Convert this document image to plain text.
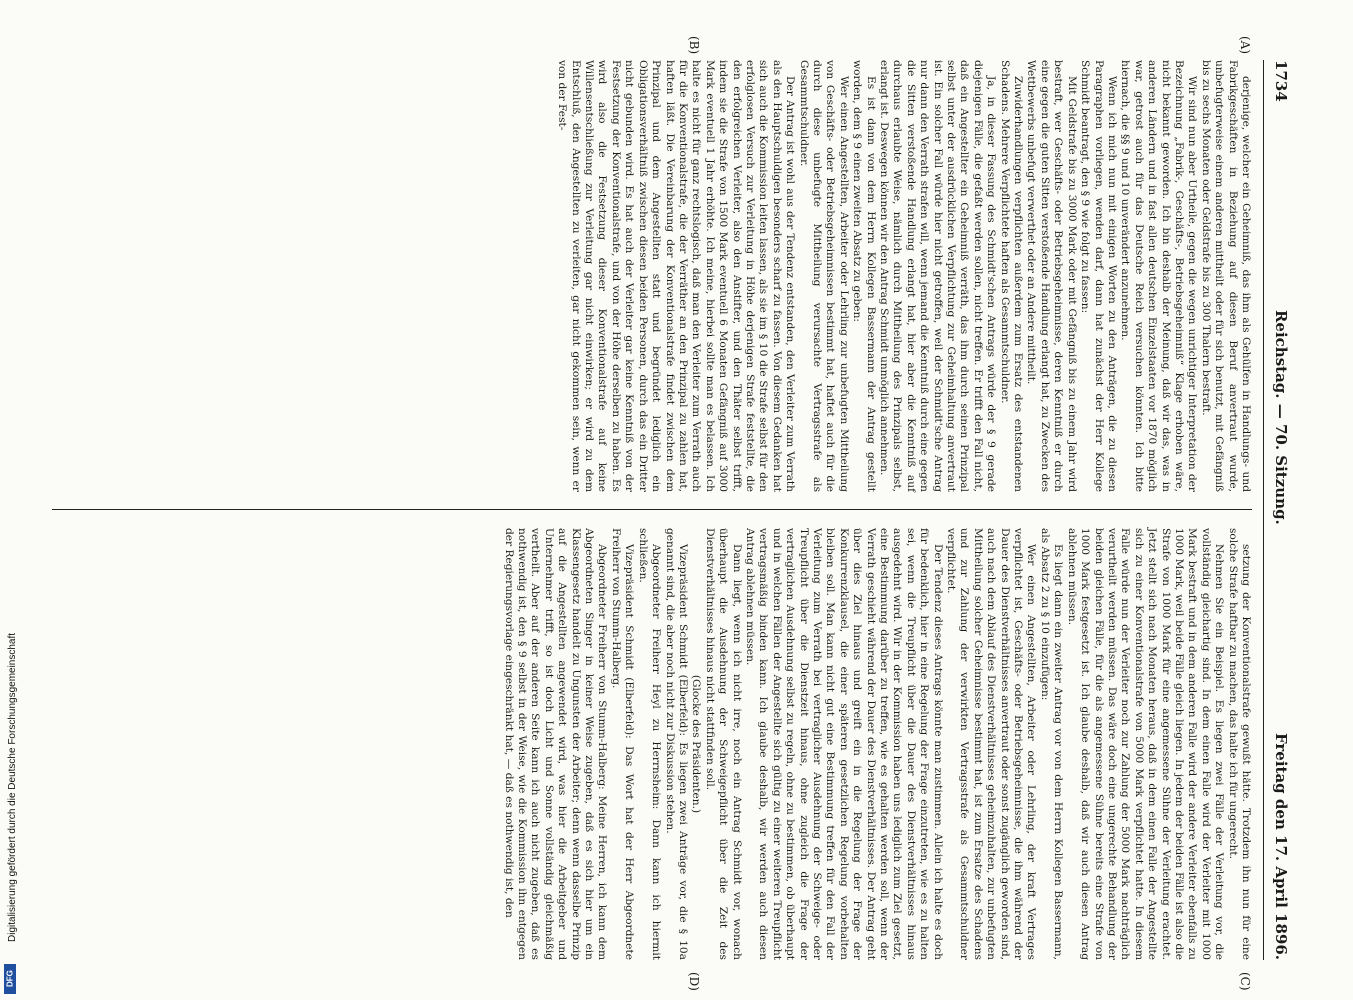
1734
Reichstag. — 70. Sitzung.
Freitag den 17. April 1896.
(A)
(B)
(C)
(D)

derjenige, welcher ein Geheimniß, das ihm als Gehülfen in Handlungs- und Fabrikgeschäften in Beziehung auf diesen Beruf anvertraut wurde, unbefugterweise einem anderen mittheilt oder für sich benutzt, mit Gefängniß bis zu sechs Monaten oder Geldstrafe bis zu 300 Thalern bestraft.

Wir sind nun aber Urtheile, gegen die wegen unrichtiger Interpretation der Bezeichnung „Fabrik-, Geschäfts-, Betriebsgeheimniß“ Klage erhoben wäre, nicht bekannt geworden. Ich bin deshalb der Meinung, daß wir das, was in anderen Ländern und in fast allen deutschen Einzelstaaten vor 1870 möglich war, getrost auch für das Deutsche Reich versuchen könnten. Ich bitte hiernach, die §§ 9 und 10 unverändert anzunehmen.

Wenn ich mich nun mit einigen Worten zu den Anträgen, die zu diesen Paragraphen vorliegen, wenden darf, dann hat zunächst der Herr Kollege Schmidt beantragt, den § 9 wie folgt zu fassen:

Mit Geldstrafe bis zu 3000 Mark oder mit Gefängniß bis zu einem Jahr wird bestraft, wer Geschäfts- oder Betriebsgeheimnisse, deren Kenntniß er durch eine gegen die guten Sitten verstoßende Handlung erlangt hat, zu Zwecken des Wettbewerbs unbefugt verwerthet oder an Andere mittheilt.

Zuwiderhandlungen verpflichten außerdem zum Ersatz des entstandenen Schadens. Mehrere Verpflichtete haften als Gesammtschuldner.

Ja, in dieser Fassung des Schmidt'schen Antrags würde der § 9 gerade diejenigen Fälle, die gefaßt werden sollen, nicht treffen. Er trifft den Fall nicht, daß ein Angestellter ein Geheimniß verräth, das ihm durch seinen Prinzipal selbst unter der ausdrücklichen Verpflichtung zur Geheimhaltung anvertraut ist. Ein solcher Fall würde hier nicht getroffen, weil der Schmidt'sche Antrag nur dann den Verrath strafen will, wenn jemand die Kenntniß durch eine gegen die Sitten verstoßende Handlung erlangt hat, hier aber die Kenntniß auf durchaus erlaubte Weise, nämlich durch Mittheilung des Prinzipals selbst, erlangt ist. Deswegen können wir den Antrag Schmidt unmöglich annehmen.

Es ist dann von dem Herrn Kollegen Bassermann der Antrag gestellt worden, dem § 9 einen zweiten Absatz zu geben:

Wer einen Angestellten, Arbeiter oder Lehrling zur unbefugten Mittheilung von Geschäfts- oder Betriebsgeheimnissen bestimmt hat, haftet auch für die durch diese unbefugte Mittheilung verursachte Vertragsstrafe als Gesammtschuldner.

Der Antrag ist wohl aus der Tendenz entstanden, den Verleiter zum Verrath als den Hauptschuldigen besonders scharf zu fassen. Von diesem Gedanken hat sich auch die Kommission leiten lassen, als sie im § 10 die Strafe selbst für den erfolglosen Versuch zur Verleitung in Höhe derjenigen Strafe feststellte, die den erfolgreichen Verleiter, also den Anstifter, und den Thäter selbst trifft, indem sie die Strafe von 1500 Mark eventuell 6 Monaten Gefängniß auf 3000 Mark eventuell 1 Jahr erhöhte. Ich meine, hierbei sollte man es belassen. Ich halte es nicht für ganz rechtslogisch, daß man den Verleiter zum Verrath auch für die Konventionalstrafe, die der Verräther an den Prinzipal zu zahlen hat, haften läßt. Die Vereinbarung der Konventionalstrafe findet zwischen dem Prinzipal und dem Angestellten statt und begründet lediglich ein Obligationsverhältniß zwischen diesen beiden Personen, durch das ein Dritter nicht gebunden wird. Es hat auch der Verleiter gar keine Kenntniß von der Festsetzung der Konventionalstrafe, und von der Höhe derselben zu haben. Es wird also die Festsetzung dieser Konventionalstrafe auf keine Willensentschließung zur Verleitung gar nicht einwirken; er wird zu dem Entschluß, den Angestellten zu verleiten, gar nicht gekommen sein, wenn er von der Fest-

setzung der Konventionalstrafe gewußt hätte. Trotzdem ihn nun für eine solche Strafe haftbar zu machen, das halte ich für ungerecht.

Nehmen Sie ein Beispiel. Es liegen zwei Fälle der Verleitung vor, die vollständig gleichartig sind. In dem einen Falle wird der Verleiter mit 1000 Mark bestraft und in dem anderen Falle wird der andere Verleiter ebenfalls zu 1000 Mark, weil beide Fälle gleich liegen. In jedem der beiden Fälle ist also die Strafe von 1000 Mark für eine angemessene Sühne der Verleitung erachtet. Jetzt stellt sich nach Monaten heraus, daß in dem einen Falle der Angestellte sich zu einer Konventionalstrafe von 5000 Mark verpflichtet hatte. In diesem Falle würde nun der Verleiter noch zur Zahlung der 5000 Mark nachträglich verurtheilt werden müssen. Das wäre doch eine ungerechte Behandlung der beiden gleichen Fälle, für die als angemessene Sühne bereits eine Strafe von 1000 Mark festgesetzt ist. Ich glaube deshalb, daß wir auch diesen Antrag ablehnen müssen.

Es liegt dann ein zweiter Antrag vor von dem Herrn Kollegen Bassermann, als Absatz 2 zu § 10 einzufügen:

Wer einen Angestellten, Arbeiter oder Lehrling, der kraft Vertrages verpflichtet ist, Geschäfts- oder Betriebsgeheimnisse, die ihm während der Dauer des Dienstverhältnisses anvertraut oder sonst zugänglich geworden sind, auch nach dem Ablauf des Dienstverhältnisses geheimzuhalten, zur unbefugten Mittheilung solcher Geheimnisse bestimmt hat, ist zum Ersatze des Schadens und zur Zahlung der verwirkten Vertragsstrafe als Gesammtschuldner verpflichtet.

Der Tendenz dieses Antrags könnte man zustimmen. Allein ich halte es doch für bedenklich, hier in eine Regelung der Frage einzutreten, wie es zu halten sei, wenn die Treupflicht über die Dauer des Dienstverhältnisses hinaus ausgedehnt wird. Wir in der Kommission haben uns lediglich zum Ziel gesetzt, eine Bestimmung darüber zu treffen, wie es gehalten werden soll, wenn der Verrath geschieht während der Dauer des Dienstverhältnisses. Der Antrag geht über dies Ziel hinaus und greift ein in die Regelung der Frage der Konkurrenzklausel, die einer späteren gesetzlichen Regelung vorbehalten bleiben soll. Man kann nicht gut eine Bestimmung treffen für den Fall der Verleitung zum Verrath bei vertraglicher Ausdehnung der Schweige- oder Treupflicht über die Dienstzeit hinaus, ohne zugleich die Frage der vertraglichen Ausdehnung selbst zu regeln, ohne zu bestimmen, ob überhaupt und in welchen Fällen der Angestellte sich gültig zu einer weiteren Treupflicht vertragsmäßig binden kann. Ich glaube deshalb, wir werden auch diesen Antrag ablehnen müssen.

Dann liegt, wenn ich nicht irre, noch ein Antrag Schmidt vor, wonach überhaupt die Ausdehnung der Schweigepflicht über die Zeit des Dienstverhältnisses hinaus nicht stattfinden soll.

(Glocke des Präsidenten.)

Vizepräsident Schmidt (Elberfeld): Es liegen zwei Anträge vor, die § 10a genannt sind, die aber noch nicht zur Diskussion stehen.

Abgeordneter Freiherr Heyl zu Herrnsheim: Dann kann ich hiermit schließen.

Vizepräsident Schmidt (Elberfeld): Das Wort hat der Herr Abgeordnete Freiherr von Stumm-Halberg.

Abgeordneter Freiherr von Stumm-Halberg: Meine Herren, ich kann dem Abgeordneten Singer in keiner Weise zugeben, daß es sich hier um ein Klassengesetz handelt zu Ungunsten der Arbeiter; denn wenn dasselbe Prinzip auf die Angestellten angewendet wird, was hier die Arbeitgeber und Unternehmer trifft, so ist doch Licht und Sonne vollständig gleichmäßig vertheilt. Aber auf der anderen Seite kann ich auch nicht zugeben, daß es nothwendig ist, den § 9 selbst in der Weise, wie die Kommission ihn entgegen der Regierungsvorlage eingeschränkt hat, — daß es nothwendig ist, den

Digitalisierung gefördert durch die Deutsche Forschungsgemeinschaft
DFG
